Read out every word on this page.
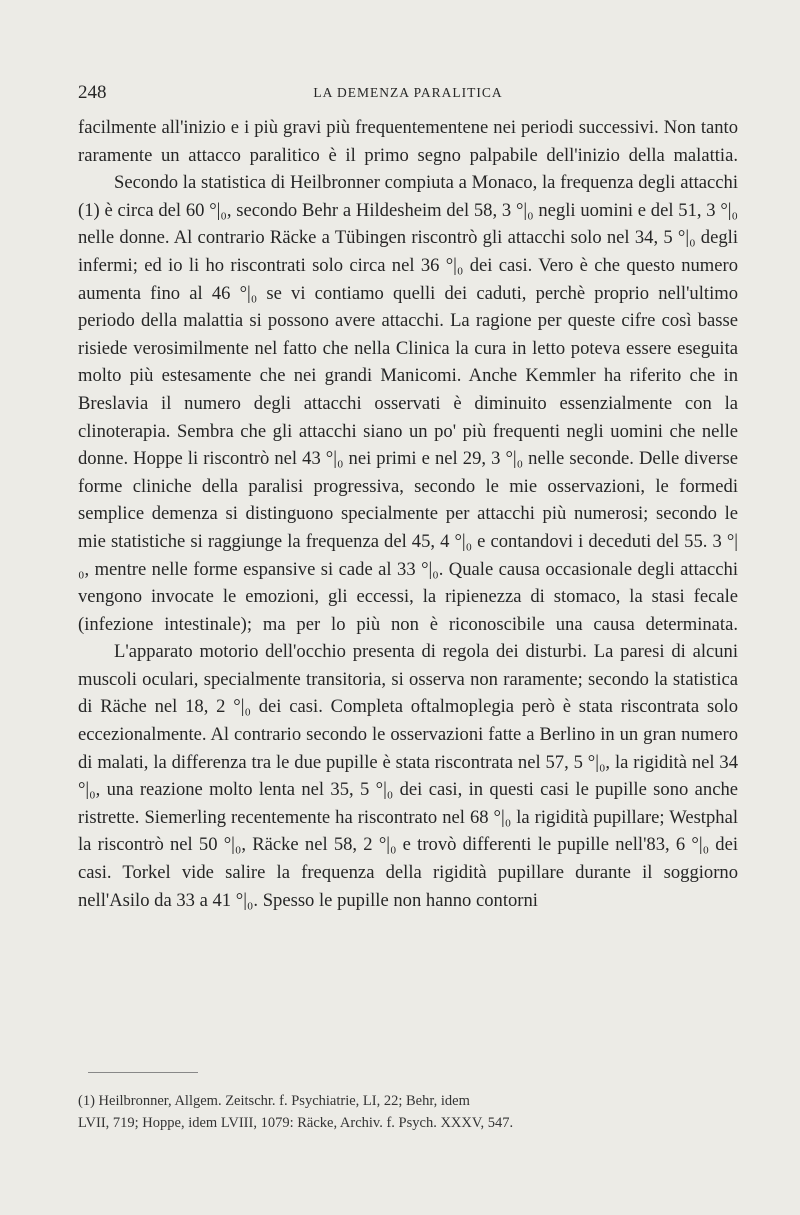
248	LA DEMENZA PARALITICA

facilmente all'inizio e i più gravi più frequentementene nei periodi successivi. Non tanto raramente un attacco paralitico è il primo segno palpabile dell'inizio della malattia.

Secondo la statistica di Heilbronner compiuta a Monaco, la frequenza degli attacchi (1) è circa del 60 °|₀, secondo Behr a Hildesheim del 58, 3 °|₀ negli uomini e del 51, 3 °|₀ nelle donne. Al contrario Räcke a Tübingen riscontrò gli attacchi solo nel 34, 5 °|₀ degli infermi; ed io li ho riscontrati solo circa nel 36 °|₀ dei casi. Vero è che questo numero aumenta fino al 46 °|₀ se vi contiamo quelli dei caduti, perchè proprio nell'ultimo periodo della malattia si possono avere attacchi. La ragione per queste cifre così basse risiede verosimilmente nel fatto che nella Clinica la cura in letto poteva essere eseguita molto più estesamente che nei grandi Manicomi. Anche Kemmler ha riferito che in Breslavia il numero degli attacchi osservati è diminuito essenzialmente con la clinoterapia. Sembra che gli attacchi siano un po' più frequenti negli uomini che nelle donne. Hoppe li riscontrò nel 43 °|₀ nei primi e nel 29, 3 °|₀ nelle seconde. Delle diverse forme cliniche della paralisi progressiva, secondo le mie osservazioni, le formedi semplice demenza si distinguono specialmente per attacchi più numerosi; secondo le mie statistiche si raggiunge la frequenza del 45, 4 °|₀ e contandovi i deceduti del 55. 3 °|₀, mentre nelle forme espansive si cade al 33 °|₀. Quale causa occasionale degli attacchi vengono invocate le emozioni, gli eccessi, la ripienezza di stomaco, la stasi fecale (infezione intestinale); ma per lo più non è riconoscibile una causa determinata.

L'apparato motorio dell'occhio presenta di regola dei disturbi. La paresi di alcuni muscoli oculari, specialmente transitoria, si osserva non raramente; secondo la statistica di Räche nel 18, 2 °|₀ dei casi. Completa oftalmoplegia però è stata riscontrata solo eccezionalmente. Al contrario secondo le osservazioni fatte a Berlino in un gran numero di malati, la differenza tra le due pupille è stata riscontrata nel 57, 5 °|₀, la rigidità nel 34 °|₀, una reazione molto lenta nel 35, 5 °|₀ dei casi, in questi casi le pupille sono anche ristrette. Siemerling recentemente ha riscontrato nel 68 °|₀ la rigidità pupillare; Westphal la riscontrò nel 50 °|₀, Räcke nel 58, 2 °|₀ e trovò differenti le pupille nell'83, 6 °|₀ dei casi. Torkel vide salire la frequenza della rigidità pupillare durante il soggiorno nell'Asilo da 33 a 41 °|₀. Spesso le pupille non hanno contorni

(1) Heilbronner, Allgem. Zeitschr. f. Psychiatrie, LI, 22; Behr, idem
LVII, 719; Hoppe, idem LVIII, 1079: Räcke, Archiv. f. Psych. XXXV, 547.
